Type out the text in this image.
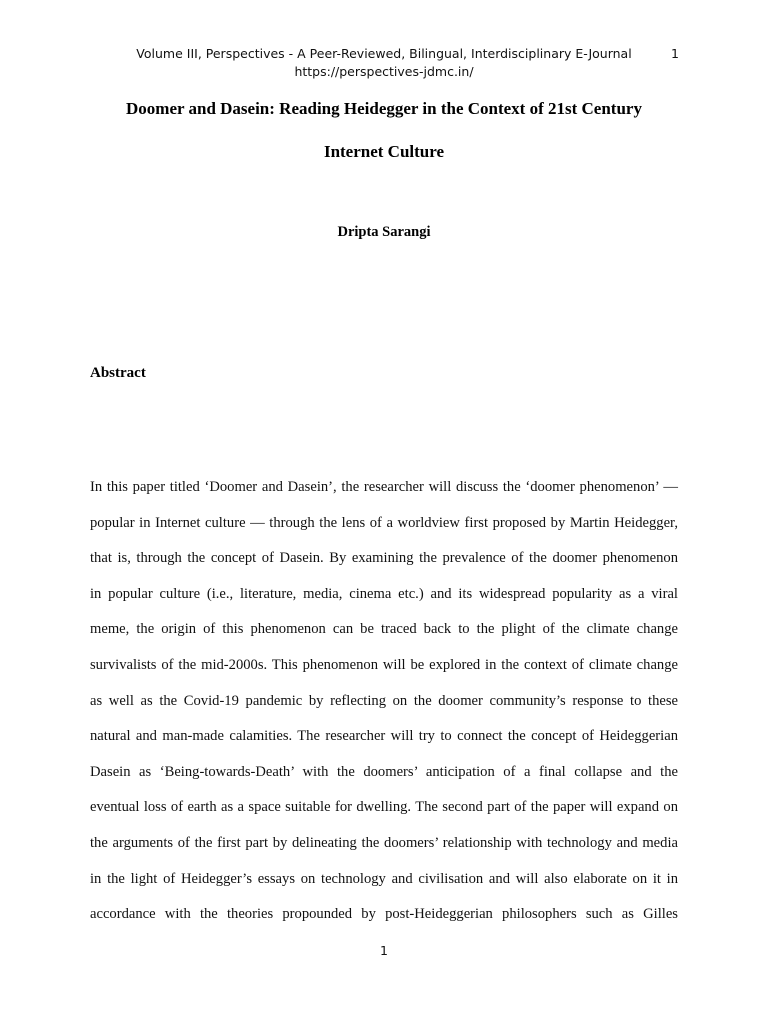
Volume III, Perspectives - A Peer-Reviewed, Bilingual, Interdisciplinary E-Journal	1
https://perspectives-jdmc.in/
Doomer and Dasein: Reading Heidegger in the Context of 21st Century
Internet Culture
Dripta Sarangi
Abstract
In this paper titled ‘Doomer and Dasein’, the researcher will discuss the ‘doomer phenomenon’ —
popular in Internet culture — through the lens of a worldview first proposed by Martin Heidegger,
that is, through the concept of Dasein. By examining the prevalence of the doomer phenomenon
in popular culture (i.e., literature, media, cinema etc.) and its widespread popularity as a viral
meme, the origin of this phenomenon can be traced back to the plight of the climate change
survivalists of the mid-2000s. This phenomenon will be explored in the context of climate change
as well as the Covid-19 pandemic by reflecting on the doomer community’s response to these
natural and man-made calamities. The researcher will try to connect the concept of Heideggerian
Dasein as ‘Being-towards-Death’ with the doomers’ anticipation of a final collapse and the
eventual loss of earth as a space suitable for dwelling. The second part of the paper will expand on
the arguments of the first part by delineating the doomers’ relationship with technology and media
in the light of Heidegger’s essays on technology and civilisation and will also elaborate on it in
accordance with the theories propounded by post-Heideggerian philosophers such as Gilles
1
